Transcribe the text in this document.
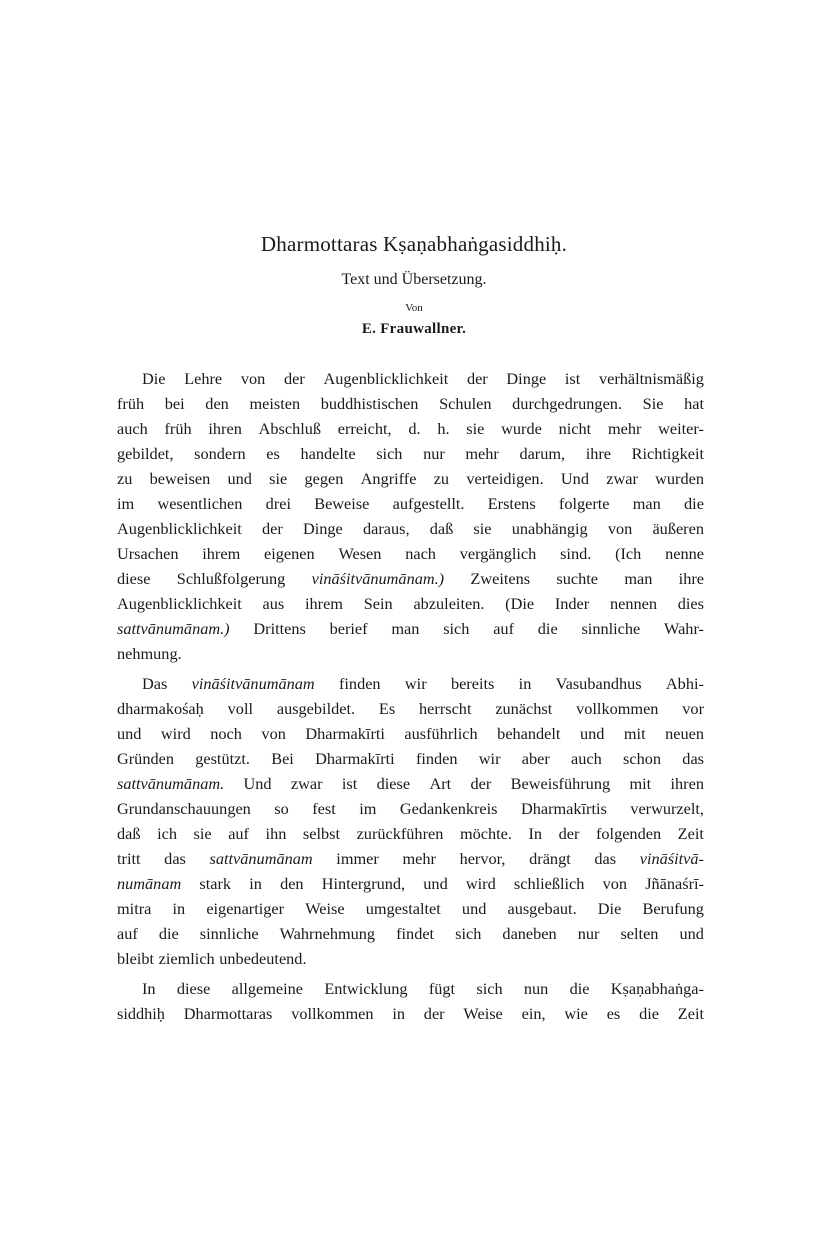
Dharmottaras Kṣaṇabhaṅgasiddhiḥ.
Text und Übersetzung.
Von
E. Frauwallner.
Die Lehre von der Augenblicklichkeit der Dinge ist verhältnismäßig
früh bei den meisten buddhistischen Schulen durchgedrungen. Sie hat
auch früh ihren Abschluß erreicht, d. h. sie wurde nicht mehr weiter-
gebildet, sondern es handelte sich nur mehr darum, ihre Richtigkeit
zu beweisen und sie gegen Angriffe zu verteidigen. Und zwar wurden
im wesentlichen drei Beweise aufgestellt. Erstens folgerte man die
Augenblicklichkeit der Dinge daraus, daß sie unabhängig von äußeren
Ursachen ihrem eigenen Wesen nach vergänglich sind. (Ich nenne
diese Schlußfolgerung vināśitvānumānam.) Zweitens suchte man ihre
Augenblicklichkeit aus ihrem Sein abzuleiten. (Die Inder nennen dies
sattvānumānam.) Drittens berief man sich auf die sinnliche Wahr-
nehmung.
Das vināśitvānumānam finden wir bereits in Vasubandhus Abhi-
dharmakośaḥ voll ausgebildet. Es herrscht zunächst vollkommen vor
und wird noch von Dharmakīrti ausführlich behandelt und mit neuen
Gründen gestützt. Bei Dharmakīrti finden wir aber auch schon das
sattvānumānam. Und zwar ist diese Art der Beweisführung mit ihren
Grundanschauungen so fest im Gedankenkreis Dharmakīrtis verwurzelt,
daß ich sie auf ihn selbst zurückführen möchte. In der folgenden Zeit
tritt das sattvānumānam immer mehr hervor, drängt das vināśitvā-
numānam stark in den Hintergrund, und wird schließlich von Jñānaśrī-
mitra in eigenartiger Weise umgestaltet und ausgebaut. Die Berufung
auf die sinnliche Wahrnehmung findet sich daneben nur selten und
bleibt ziemlich unbedeutend.
In diese allgemeine Entwicklung fügt sich nun die Kṣaṇabhaṅga-
siddhiḥ Dharmottaras vollkommen in der Weise ein, wie es die Zeit
